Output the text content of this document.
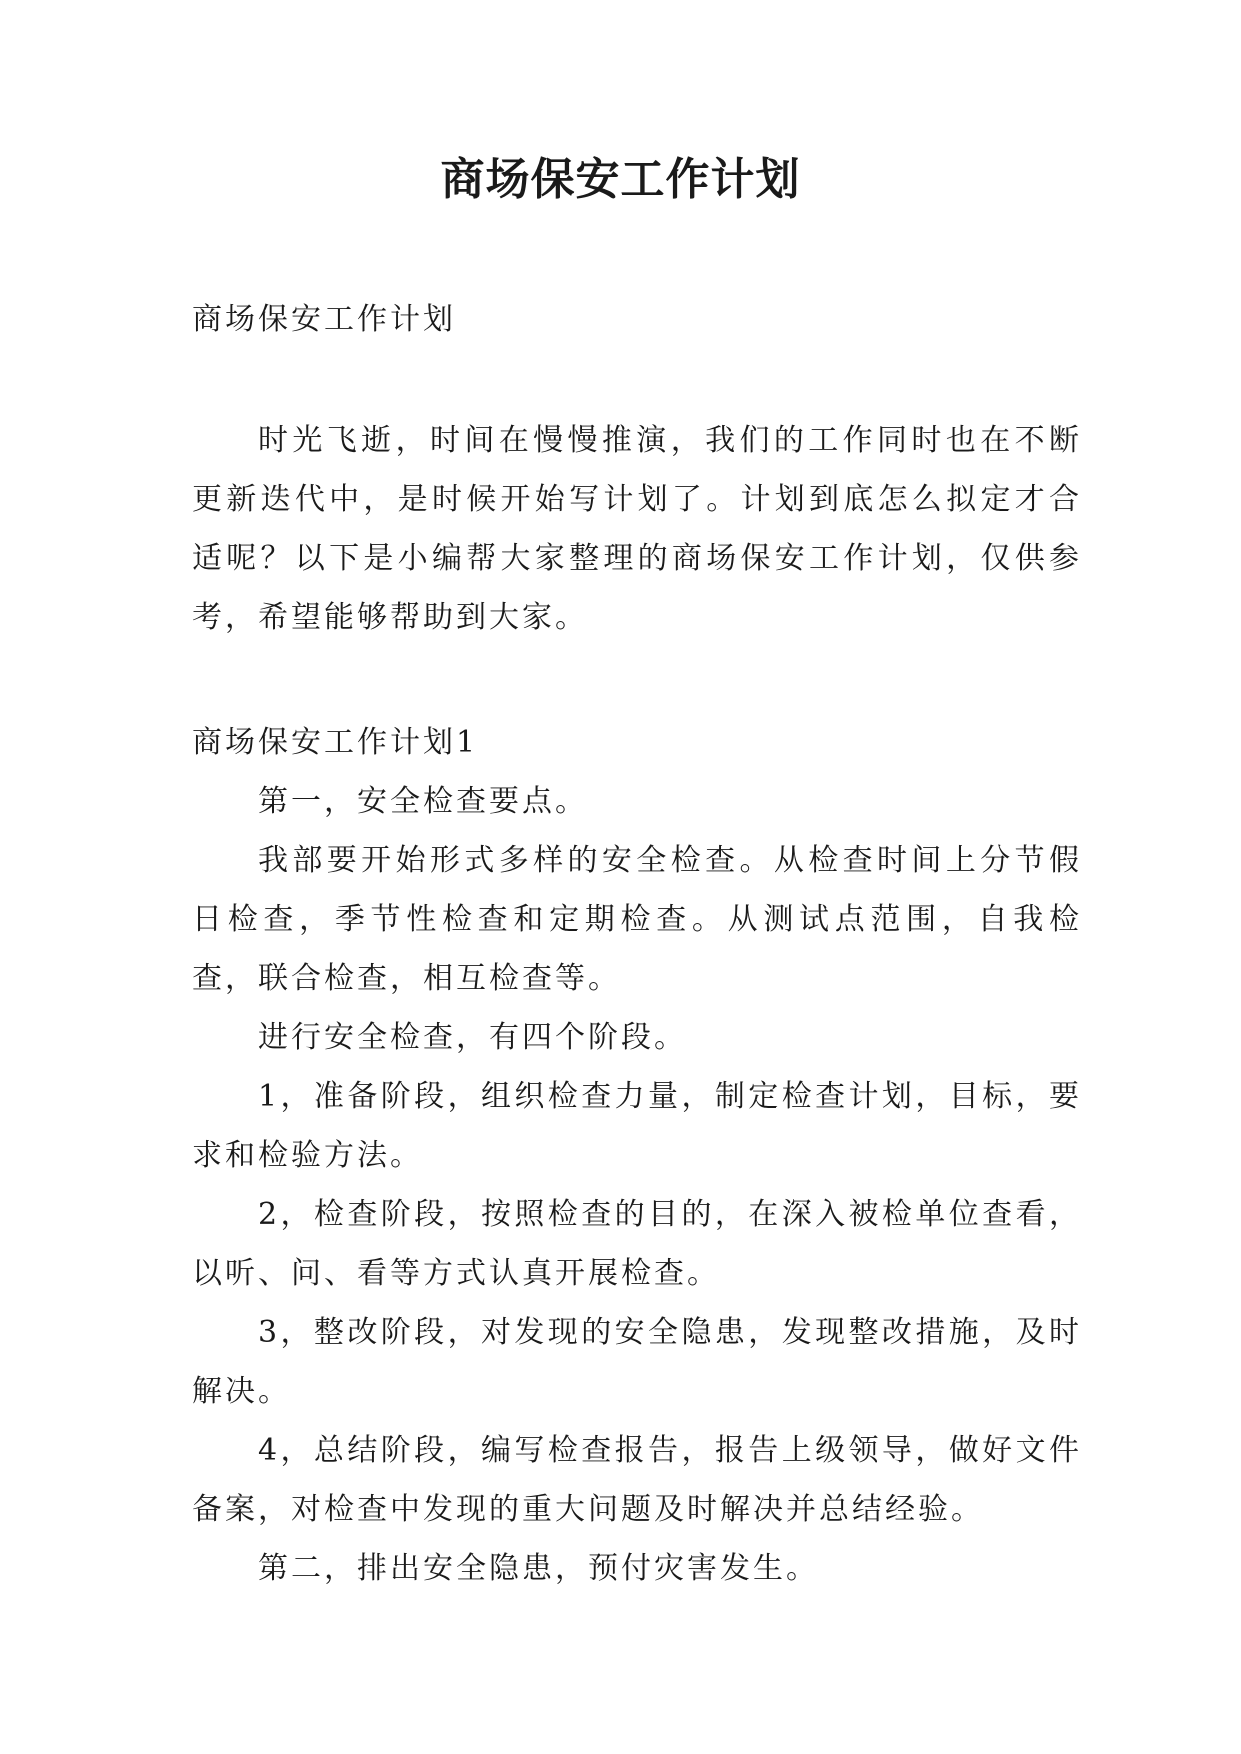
商场保安工作计划

商场保安工作计划

时光飞逝，时间在慢慢推演，我们的工作同时也在不断更新迭代中，是时候开始写计划了。计划到底怎么拟定才合适呢？以下是小编帮大家整理的商场保安工作计划，仅供参考，希望能够帮助到大家。

商场保安工作计划1

第一，安全检查要点。

我部要开始形式多样的安全检查。从检查时间上分节假日检查，季节性检查和定期检查。从测试点范围，自我检查，联合检查，相互检查等。

进行安全检查，有四个阶段。

1，准备阶段，组织检查力量，制定检查计划，目标，要求和检验方法。

2，检查阶段，按照检查的目的，在深入被检单位查看，以听、问、看等方式认真开展检查。

3，整改阶段，对发现的安全隐患，发现整改措施，及时解决。

4，总结阶段，编写检查报告，报告上级领导，做好文件备案，对检查中发现的重大问题及时解决并总结经验。

第二，排出安全隐患，预付灾害发生。
